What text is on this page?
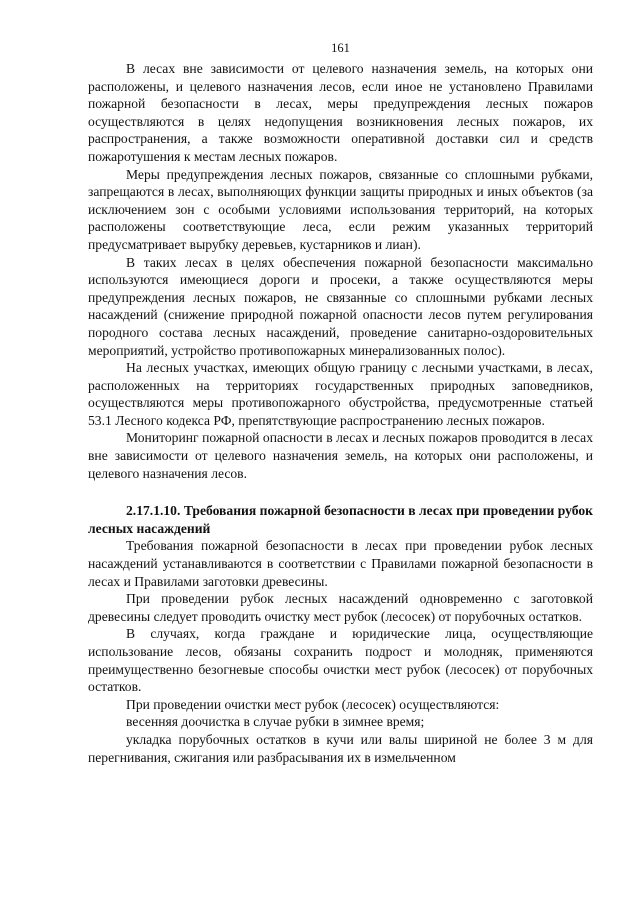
161

В лесах вне зависимости от целевого назначения земель, на которых они расположены, и целевого назначения лесов, если иное не установлено Правилами пожарной безопасности в лесах, меры предупреждения лесных пожаров осуществляются в целях недопущения возникновения лесных пожаров, их распространения, а также возможности оперативной доставки сил и средств пожаротушения к местам лесных пожаров.

Меры предупреждения лесных пожаров, связанные со сплошными рубками, запрещаются в лесах, выполняющих функции защиты природных и иных объектов (за исключением зон с особыми условиями использования территорий, на которых расположены соответствующие леса, если режим указанных территорий предусматривает вырубку деревьев, кустарников и лиан).

В таких лесах в целях обеспечения пожарной безопасности максимально используются имеющиеся дороги и просеки, а также осуществляются меры предупреждения лесных пожаров, не связанные со сплошными рубками лесных насаждений (снижение природной пожарной опасности лесов путем регулирования породного состава лесных насаждений, проведение санитарно-оздоровительных мероприятий, устройство противопожарных минерализованных полос).

На лесных участках, имеющих общую границу с лесными участками, в лесах, расположенных на территориях государственных природных заповедников, осуществляются меры противопожарного обустройства, предусмотренные статьей 53.1 Лесного кодекса РФ, препятствующие распространению лесных пожаров.

Мониторинг пожарной опасности в лесах и лесных пожаров проводится в лесах вне зависимости от целевого назначения земель, на которых они расположены, и целевого назначения лесов.

2.17.1.10. Требования пожарной безопасности в лесах при проведении рубок лесных насаждений

Требования пожарной безопасности в лесах при проведении рубок лесных насаждений устанавливаются в соответствии с Правилами пожарной безопасности в лесах и Правилами заготовки древесины.

При проведении рубок лесных насаждений одновременно с заготовкой древесины следует проводить очистку мест рубок (лесосек) от порубочных остатков.

В случаях, когда граждане и юридические лица, осуществляющие использование лесов, обязаны сохранить подрост и молодняк, применяются преимущественно безогневые способы очистки мест рубок (лесосек) от порубочных остатков.

При проведении очистки мест рубок (лесосек) осуществляются:

весенняя доочистка в случае рубки в зимнее время;

укладка порубочных остатков в кучи или валы шириной не более 3 м для перегнивания, сжигания или разбрасывания их в измельченном
